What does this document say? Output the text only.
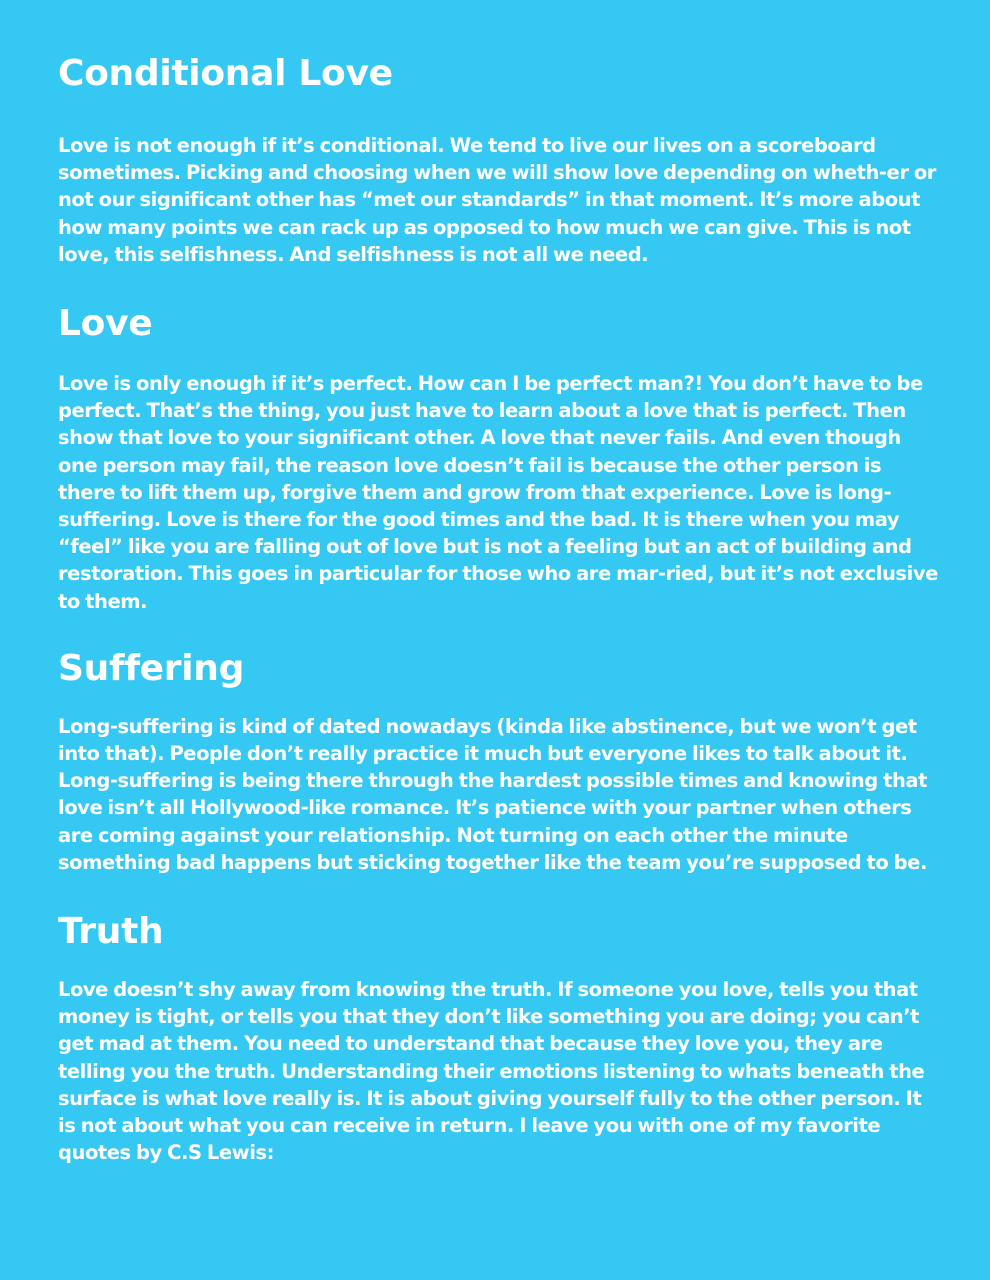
Conditional Love

Love is not enough if it’s conditional. We tend to live our lives on a scoreboard sometimes. Picking and choosing when we will show love depending on wheth-er or not our significant other has “met our standards” in that moment. It’s more about how many points we can rack up as opposed to how much we can give. This is not love, this selfishness. And selfishness is not all we need.

Love

Love is only enough if it’s perfect. How can I be perfect man?! You don’t have to be perfect. That’s the thing, you just have to learn about a love that is perfect. Then show that love to your significant other. A love that never fails. And even though one person may fail, the reason love doesn’t fail is because the other person is there to lift them up, forgive them and grow from that experience. Love is long-suffering. Love is there for the good times and the bad. It is there when you may “feel” like you are falling out of love but is not a feeling but an act of building and restoration. This goes in particular for those who are mar-ried, but it’s not exclusive to them.

Suffering

Long-suffering is kind of dated nowadays (kinda like abstinence, but we won’t get into that). People don’t really practice it much but everyone likes to talk about it. Long-suffering is being there through the hardest possible times and knowing that love isn’t all Hollywood-like romance. It’s patience with your partner when others are coming against your relationship. Not turning on each other the minute something bad happens but sticking together like the team you’re supposed to be.

Truth

Love doesn’t shy away from knowing the truth. If someone you love, tells you that money is tight, or tells you that they don’t like something you are doing; you can’t get mad at them. You need to understand that because they love you, they are telling you the truth. Understanding their emotions listening to whats beneath the surface is what love really is. It is about giving yourself fully to the other person. It is not about what you can receive in return. I leave you with one of my favorite quotes by C.S Lewis:
